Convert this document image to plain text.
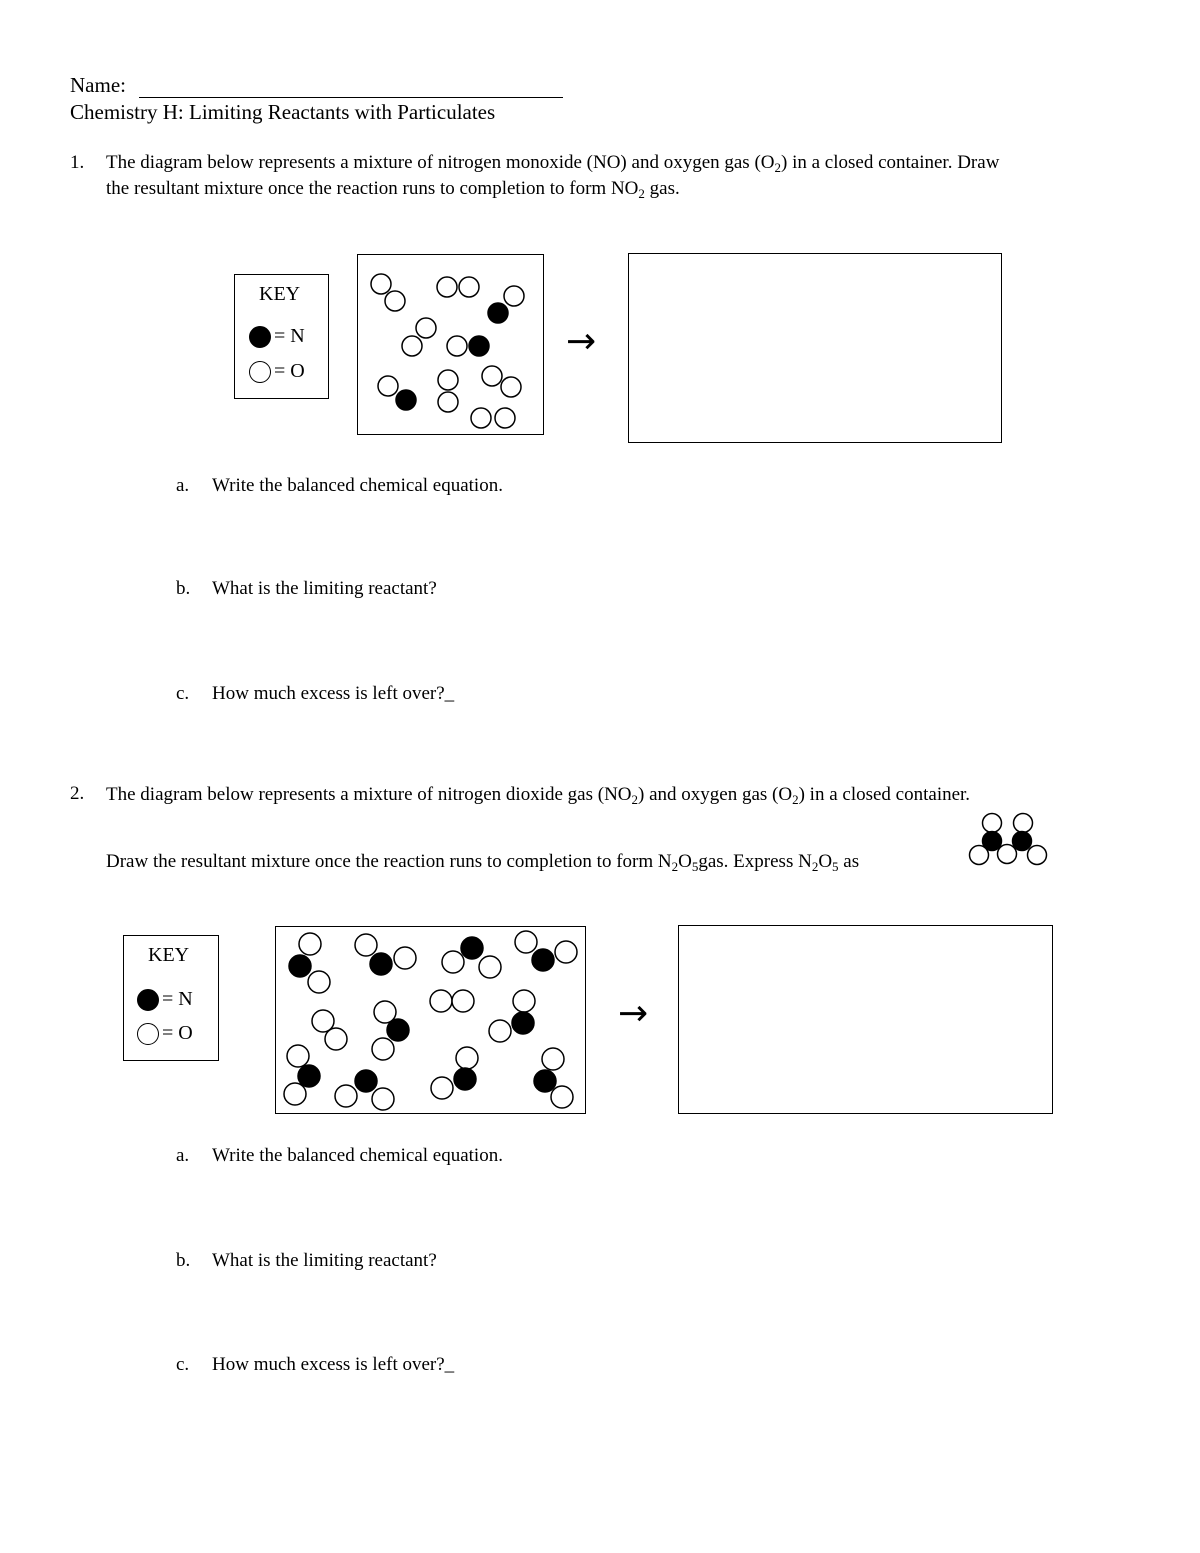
Name:
Chemistry H: Limiting Reactants with Particulates
1. The diagram below represents a mixture of nitrogen monoxide (NO) and oxygen gas $(O_2)$ in a closed container. Draw
the resultant mixture once the reaction runs to completion to form $NO_2$ gas.
KEY
= N
= O
→
a. Write the balanced chemical equation.
b. What is the limiting reactant?
c. How much excess is left over?_
2. The diagram below represents a mixture of nitrogen dioxide gas $(NO_2)$ and oxygen gas $(O_2)$ in a closed container.
Draw the resultant mixture once the reaction runs to completion to form $N_2O_5gas$. Express $N_2O_5$ as
KEY
= N
= O	→
a. Write the balanced chemical equation.
b. What is the limiting reactant?
c. How much excess is left over?_
